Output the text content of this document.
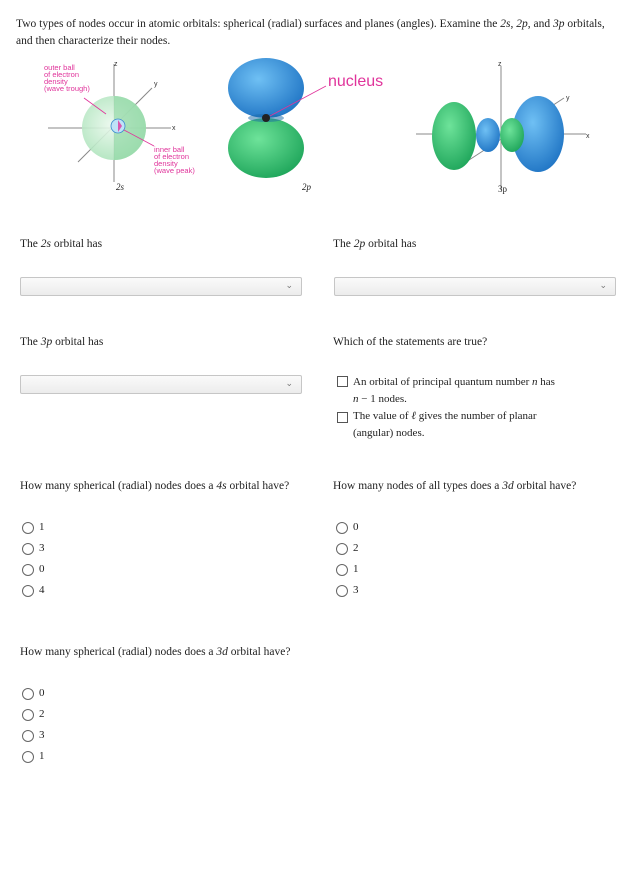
Two types of nodes occur in atomic orbitals: spherical (radial) surfaces and planes (angles). Examine the 2s, 2p, and 3p orbitals, and then characterize their nodes.
z
y
x
outer ball of electron density (wave trough)
inner ball of electron density (wave peak)
2s
nucleus
2p
z
y
x
3p
The 2s orbital has
⌄
The 2p orbital has
⌄
The 3p orbital has
⌄
Which of the statements are true?
An orbital of principal quantum number n has
n − 1 nodes.
The value of ℓ gives the number of planar
(angular) nodes.
How many spherical (radial) nodes does a 4s orbital have?
1
3
0
4
How many nodes of all types does a 3d orbital have?
0
2
1
3
How many spherical (radial) nodes does a 3d orbital have?
0
2
3
1
